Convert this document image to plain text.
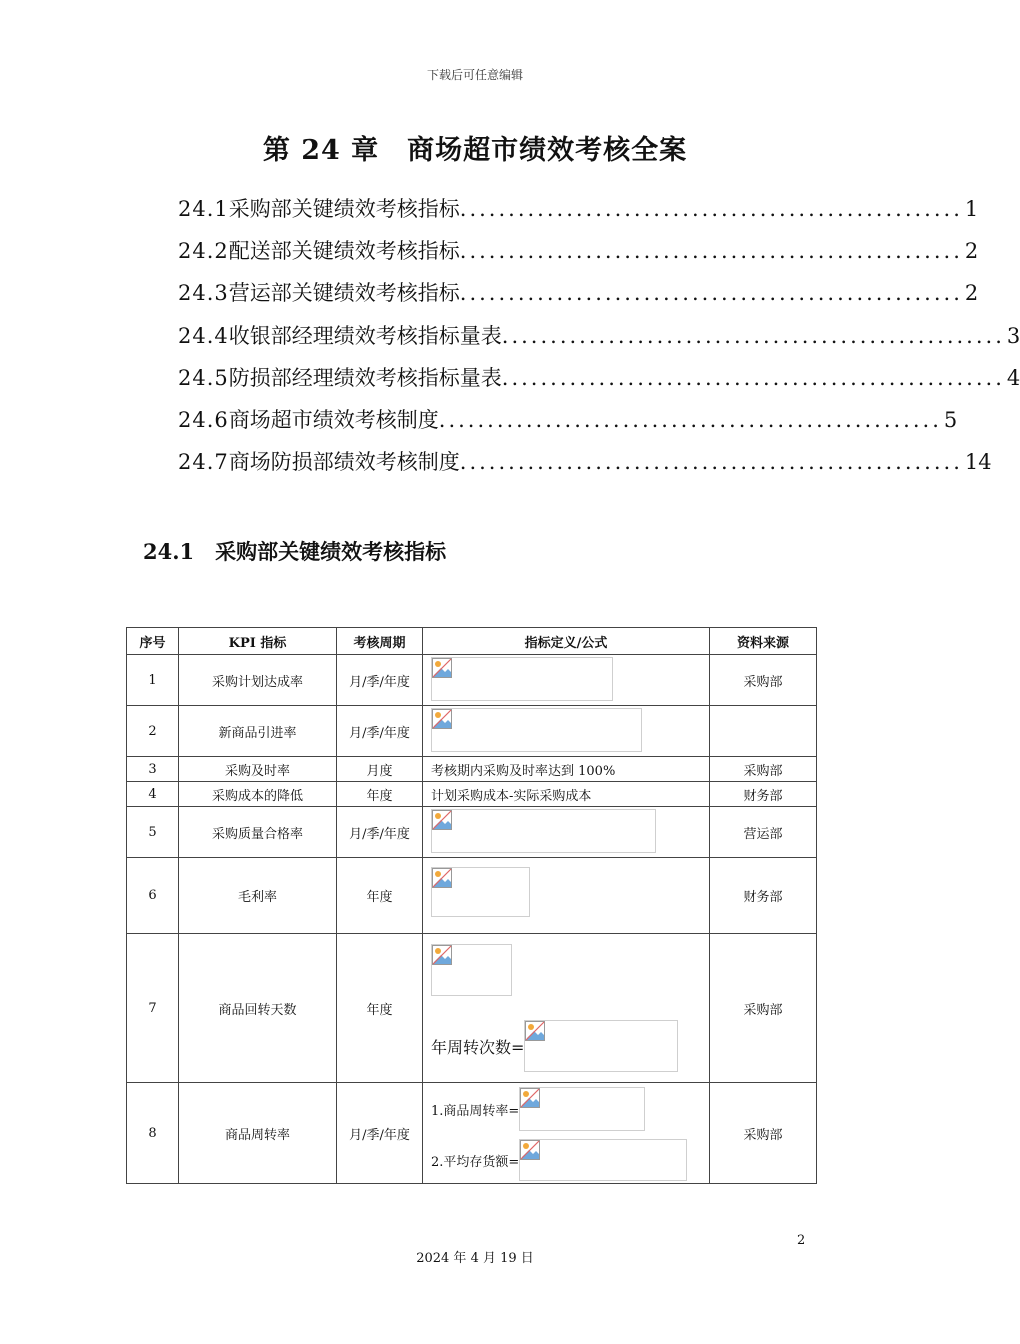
下载后可任意编辑
第 24 章　商场超市绩效考核全案
24.1 采购部关键绩效考核指标 .................................................... 1
24.2 配送部关键绩效考核指标 .................................................... 2
24.3 营运部关键绩效考核指标 .................................................... 2
24.4 收银部经理绩效考核指标量表 .................................................... 3
24.5 防损部经理绩效考核指标量表 .................................................... 4
24.6 商场超市绩效考核制度 .................................................... 5
24.7 商场防损部绩效考核制度 .................................................... 14
24.1　采购部关键绩效考核指标
序号	KPI 指标	考核周期	指标定义/公式	资料来源
1	采购计划达成率	月/季/年度		采购部
2	新商品引进率	月/季/年度	

3	采购及时率	月度	考核期内采购及时率达到 100%	采购部
4	采购成本的降低	年度	计划采购成本-实际采购成本	财务部
5	采购质量合格率	月/季/年度		营运部
6	毛利率	年度		财务部
7	商品回转天数	年度	年周转次数=	采购部
8	商品周转率	月/季/年度	1.商品周转率=
2.平均存货额=	采购部
2
2024 年 4 月 19 日
